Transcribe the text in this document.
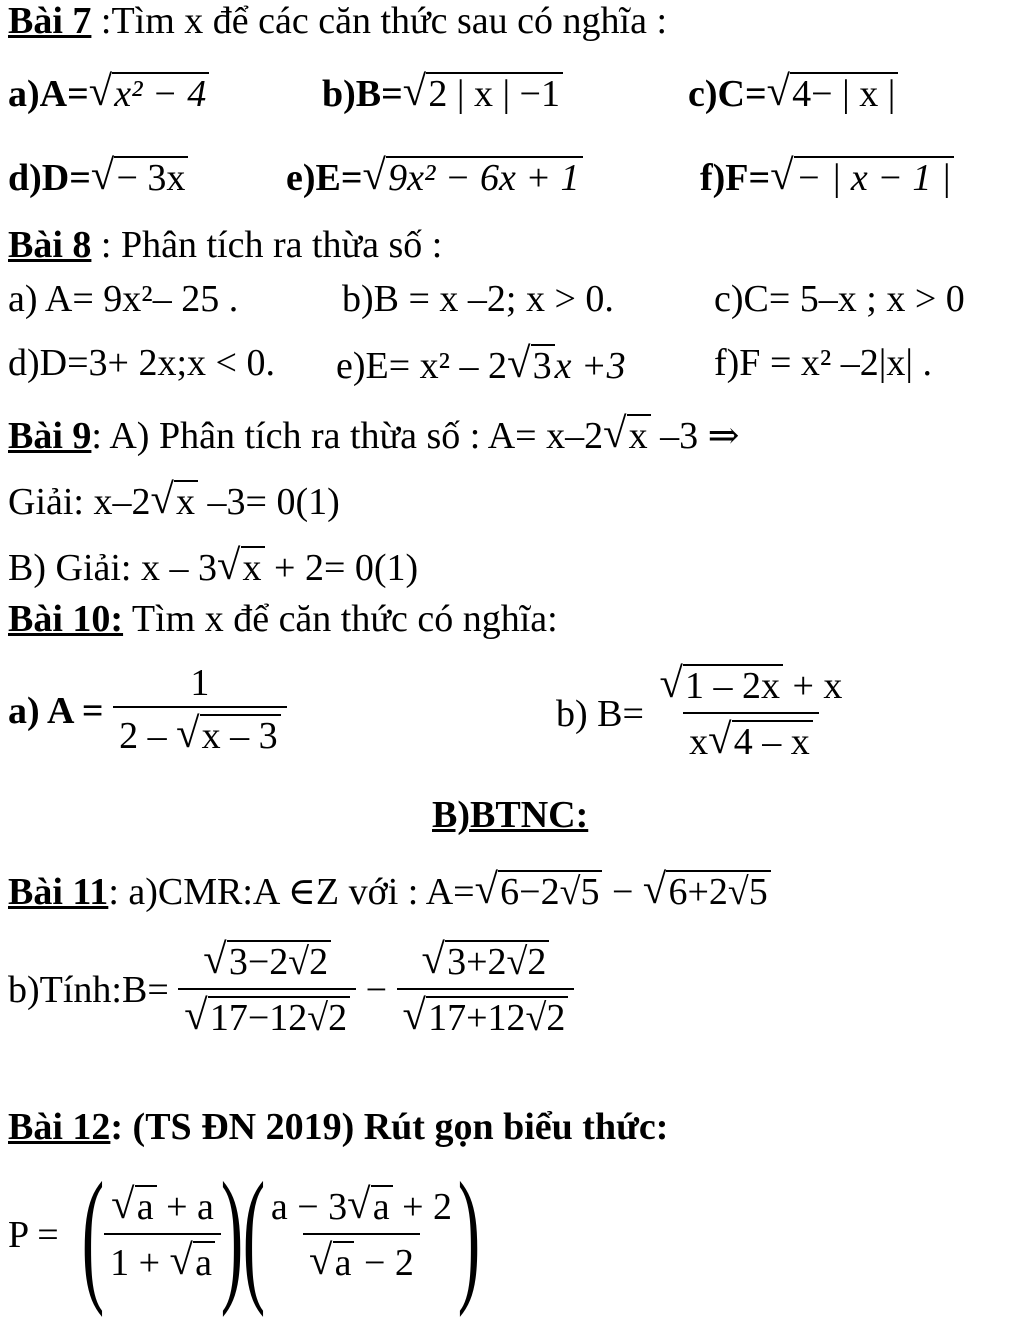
Bài 7 :Tìm x để các căn thức sau có nghĩa :
a)A= √ x² − 4	b)B= √ 2 | x | −1	c)C= √ 4− | x |
d)D= √ − 3x	e)E= √ 9x² − 6x + 1	f)F= √ − | x − 1 |
Bài 8 : Phân tích ra thừa số :
a) A= 9x²– 25 .	b)B = x –2; x > 0.	c)C= 5–x ; x > 0
d)D=3+ 2x;x < 0. e)E= x² – 2 √ 3x +3 f)F = x² –2|x| .
Bài 9: A) Phân tích ra thừa số : A= x–2 √ x –3 ⇒
Giải: x–2 √ x –3= 0(1)
B) Giải: x – 3 √ x + 2= 0(1)
Bài 10: Tìm x để căn thức có nghĩa:
a) $A = \frac{1}{2 - √ x - 3}$	b) B= √ $\frac{1 - 2x + x}{x √ 4 - x}$
B)BTNC:
Bài 11: a)CMR:A ∈Z với : A= √ 6−2√5 − √ 6+2√5
b)Tính:B= √ 3−2√2
√ 17−12√2 − √ 3+2√2
√ 17+12√2
Bài 12: (TS ĐN 2019) Rút gọn biểu thức:
P = ( √ $\frac{a + a}{1 + √ a}$ )( a − 3 √ a + 2
√ a − 2 )
